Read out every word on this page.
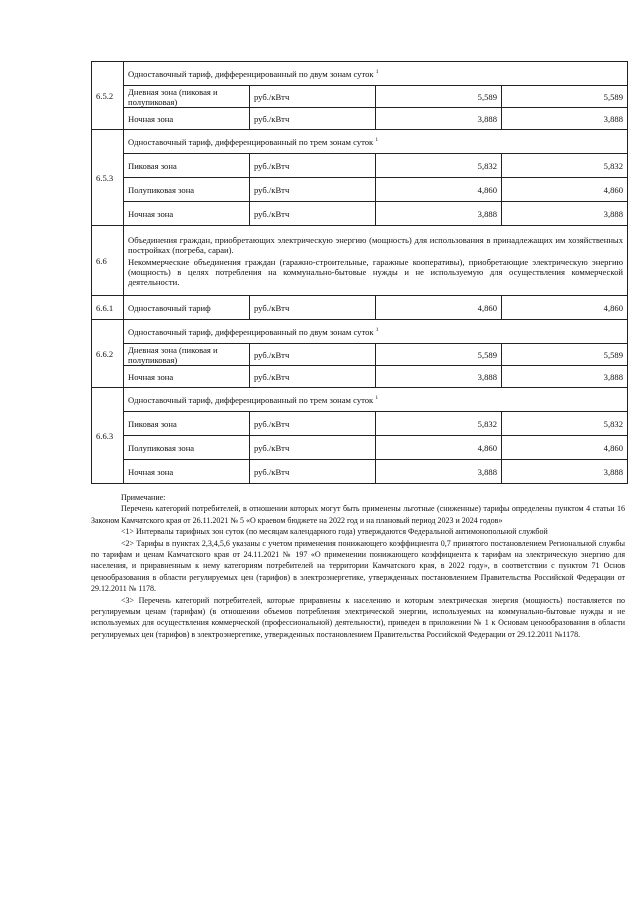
6.5.2	Одноставочный тариф, дифференцированный по двум зонам суток $^1$
	Дневная зона (пиковая и полупиковая)	руб./кВтч	5,589	5,589
	Ночная зона	руб./кВтч	3,888	3,888
6.5.3	Одноставочный тариф, дифференцированный по трем зонам суток $^1$
	Пиковая зона	руб./кВтч	5,832	5,832
	Полупиковая зона	руб./кВтч	4,860	4,860
	Ночная зона	руб./кВтч	3,888	3,888
6.6	Объединения граждан, приобретающих электрическую энергию (мощность) для использования в принадлежащих им хозяйственных постройках (погреба, сараи).
Некоммерческие объединения граждан (гаражно-строительные, гаражные кооперативы), приобретающие электрическую энергию (мощность) в целях потребления на коммунально-бытовые нужды и не используемую для осуществления коммерческой деятельности.			

6.6.1	Одноставочный тариф	руб./кВтч	4,860	4,860
6.6.2	Одноставочный тариф, дифференцированный по двум зонам суток $^1$
	Дневная зона (пиковая и полупиковая)	руб./кВтч	5,589	5,589
	Ночная зона	руб./кВтч	3,888	3,888
6.6.3	Одноставочный тариф, дифференцированный по трем зонам суток $^1$
	Пиковая зона	руб./кВтч	5,832	5,832
	Полупиковая зона	руб./кВтч	4,860	4,860
	Ночная зона	руб./кВтч	3,888	3,888

Примечание:

Перечень категорий потребителей, в отношении которых могут быть применены льготные (сниженные) тарифы определены пунктом 4 статьи 16 Законом Камчатского края от 26.11.2021 № 5 «О краевом бюджете на 2022 год и на плановый период 2023 и 2024 годов»

<1> Интервалы тарифных зон суток (по месяцам календарного года) утверждаются Федеральной антимонопольной службой

<2> Тарифы в пунктах 2,3,4,5,6 указаны с учетом применения понижающего коэффициента 0,7 принятого постановлением Региональной службы по тарифам и ценам Камчатского края от 24.11.2021 № 197 «О применении понижающего коэффициента к тарифам на электрическую энергию для населения, и приравненным к нему категориям потребителей на территории Камчатского края, в 2022 году», в соответствии с пунктом 71 Основ ценообразования в области регулируемых цен (тарифов) в электроэнергетике, утвержденных постановлением Правительства Российской Федерации от 29.12.2011 № 1178.

<3> Перечень категорий потребителей, которые приравнены к населению и которым электрическая энергия (мощность) поставляется по регулируемым ценам (тарифам) (в отношении объемов потребления электрической энергии, используемых на коммунально-бытовые нужды и не используемых для осуществления коммерческой (профессиональной) деятельности), приведен в приложении № 1 к Основам ценообразования в области регулируемых цен (тарифов) в электроэнергетике, утвержденных постановлением Правительства Российской Федерации от 29.12.2011 №1178.
